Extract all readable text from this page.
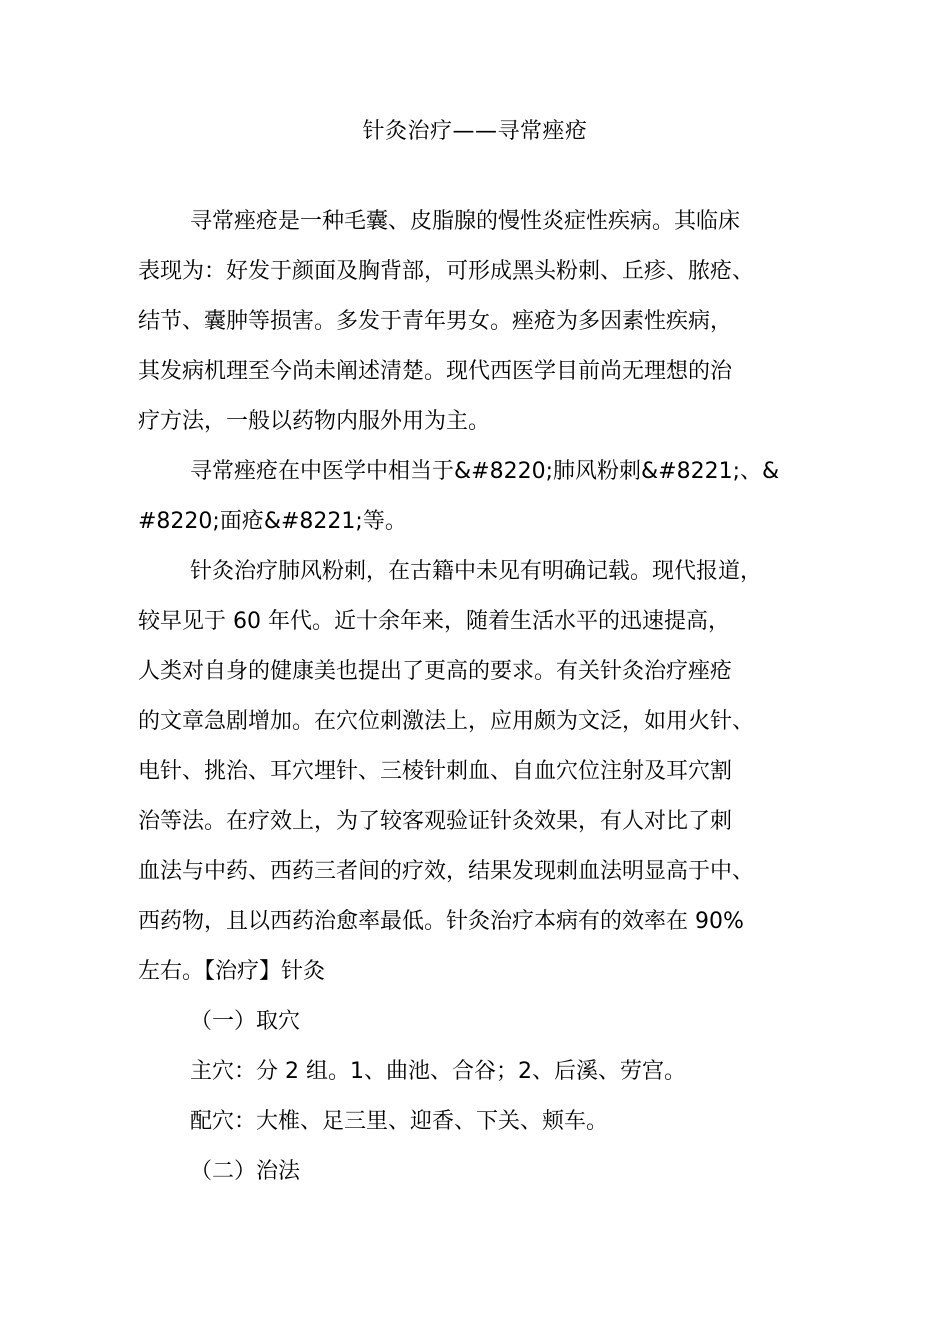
针灸治疗——寻常痤疮
寻常痤疮是一种毛囊、皮脂腺的慢性炎症性疾病。其临床
表现为：好发于颜面及胸背部，可形成黑头粉刺、丘疹、脓疮、
结节、囊肿等损害。多发于青年男女。痤疮为多因素性疾病，
其发病机理至今尚未阐述清楚。现代西医学目前尚无理想的治
疗方法，一般以药物内服外用为主。
寻常痤疮在中医学中相当于&#8220;肺风粉刺&#8221;、&
#8220;面疮&#8221;等。
针灸治疗肺风粉刺，在古籍中未见有明确记载。现代报道，
较早见于 60 年代。近十余年来，随着生活水平的迅速提高，
人类对自身的健康美也提出了更高的要求。有关针灸治疗痤疮
的文章急剧增加。在穴位刺激法上，应用颇为文泛，如用火针、
电针、挑治、耳穴埋针、三棱针刺血、自血穴位注射及耳穴割
治等法。在疗效上，为了较客观验证针灸效果，有人对比了刺
血法与中药、西药三者间的疗效，结果发现刺血法明显高于中、
西药物，且以西药治愈率最低。针灸治疗本病有的效率在 90%
左右。【治疗】针灸
（一）取穴
主穴：分 2 组。1、曲池、合谷；2、后溪、劳宫。
配穴：大椎、足三里、迎香、下关、颊车。
（二）治法
